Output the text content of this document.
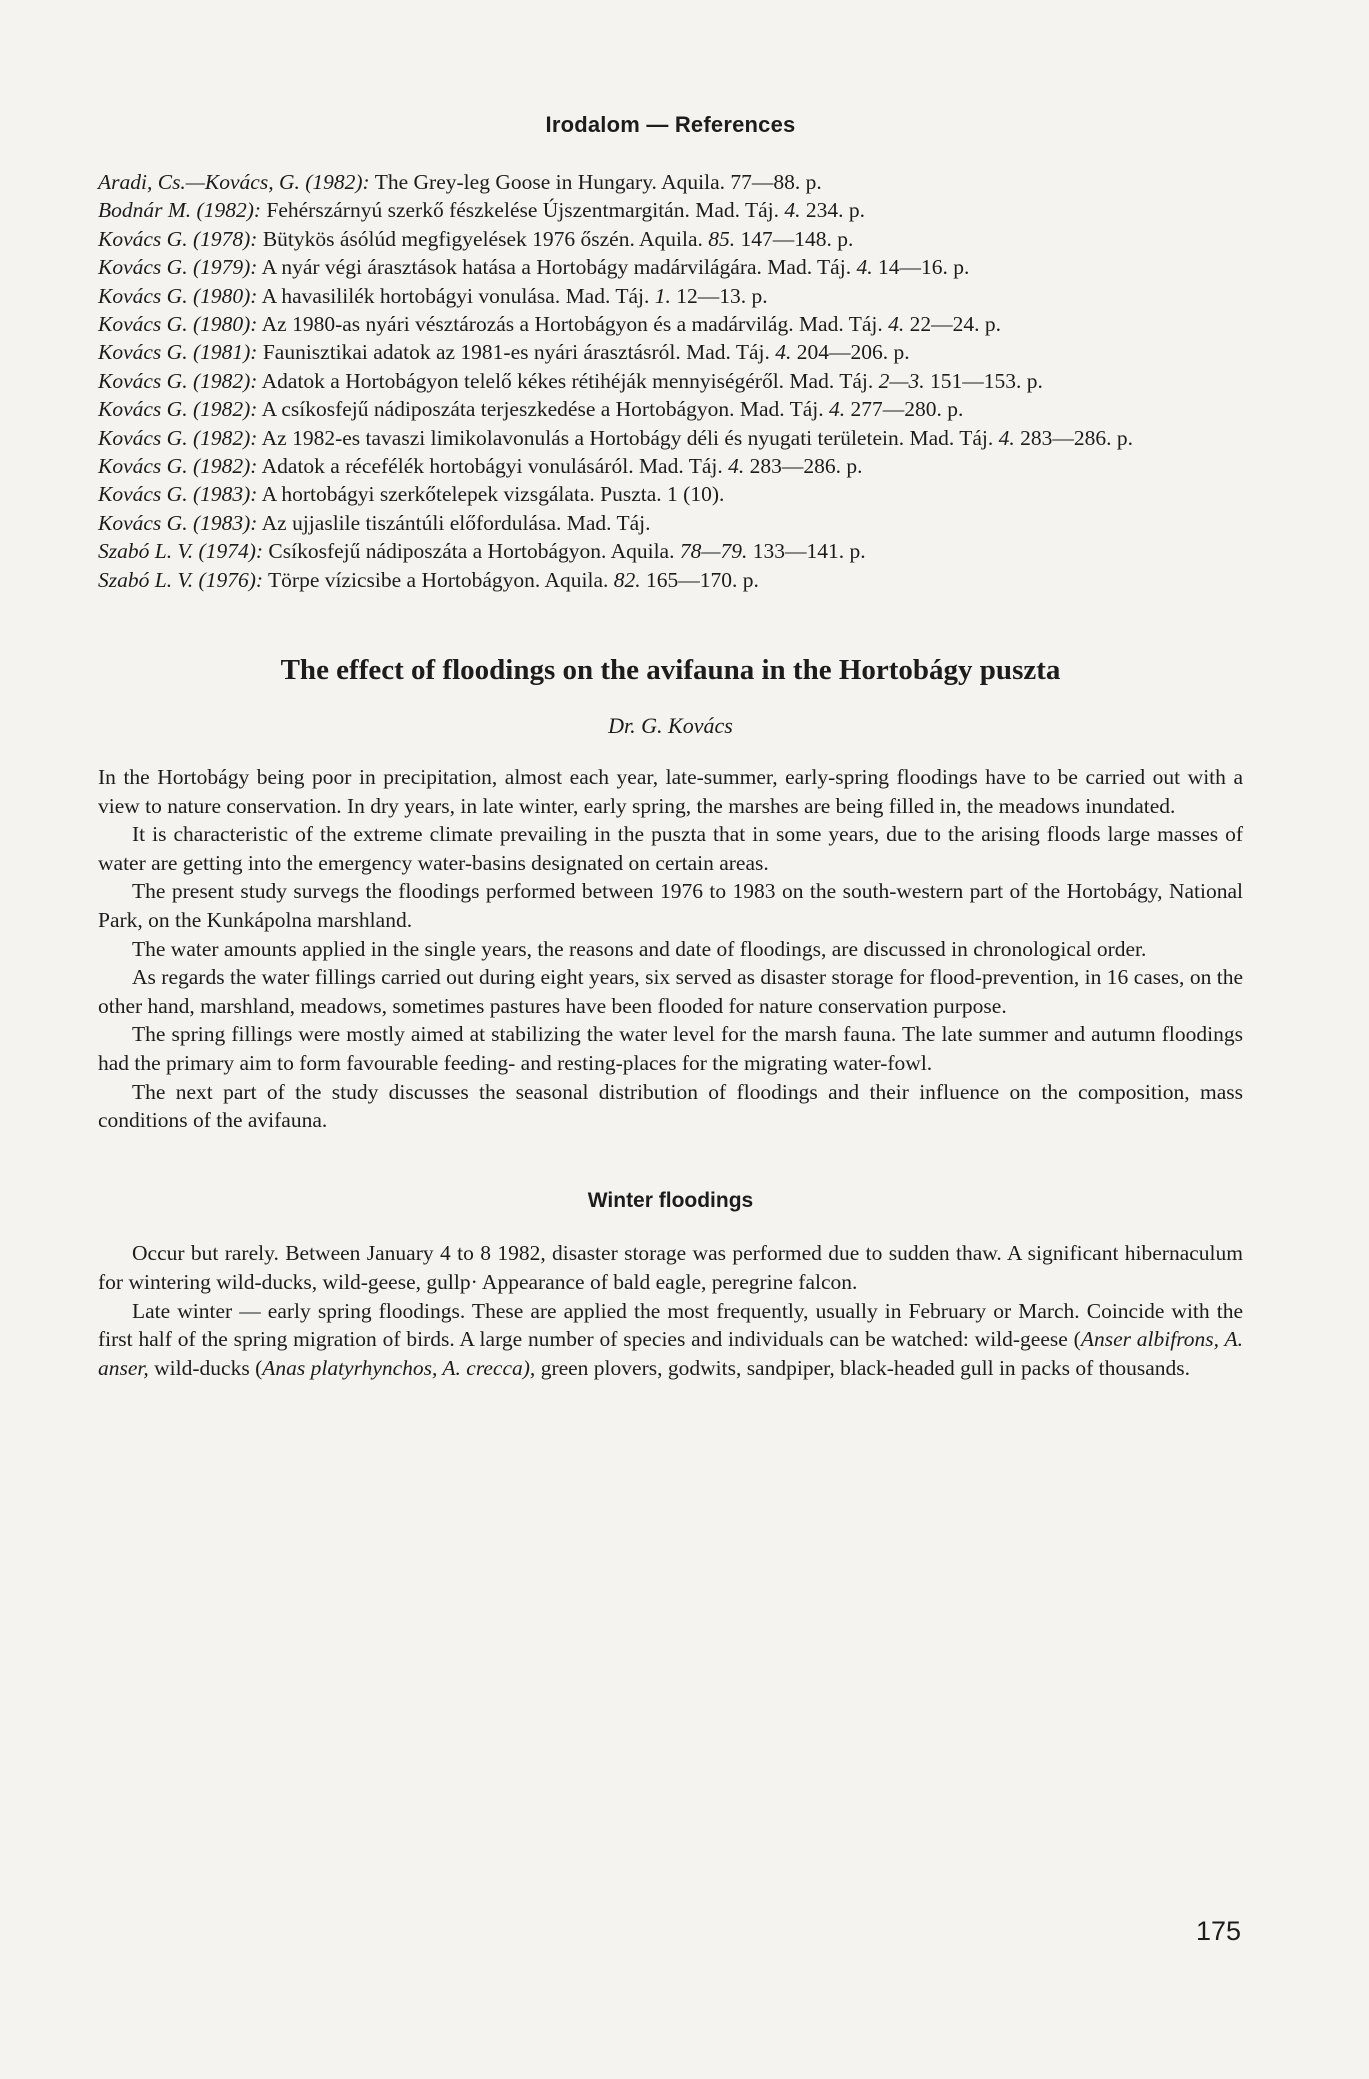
Irodalom — References

Aradi, Cs.—Kovács, G. (1982): The Grey-leg Goose in Hungary. Aquila. 77—88. p.

Bodnár M. (1982): Fehérszárnyú szerkő fészkelése Újszentmargitán. Mad. Táj. 4. 234. p.

Kovács G. (1978): Bütykös ásólúd megfigyelések 1976 őszén. Aquila. 85. 147—148. p.

Kovács G. (1979): A nyár végi árasztások hatása a Hortobágy madárvilágára. Mad. Táj. 4. 14—16. p.

Kovács G. (1980): A havasililék hortobágyi vonulása. Mad. Táj. 1. 12—13. p.

Kovács G. (1980): Az 1980-as nyári vésztározás a Hortobágyon és a madárvilág. Mad. Táj. 4. 22—24. p.

Kovács G. (1981): Faunisztikai adatok az 1981-es nyári árasztásról. Mad. Táj. 4. 204—206. p.

Kovács G. (1982): Adatok a Hortobágyon telelő kékes rétihéják mennyiségéről. Mad. Táj. 2—3. 151—153. p.

Kovács G. (1982): A csíkosfejű nádiposzáta terjeszkedése a Hortobágyon. Mad. Táj. 4. 277—280. p.

Kovács G. (1982): Az 1982-es tavaszi limikolavonulás a Hortobágy déli és nyugati területein. Mad. Táj. 4. 283—286. p.

Kovács G. (1982): Adatok a récefélék hortobágyi vonulásáról. Mad. Táj. 4. 283—286. p.

Kovács G. (1983): A hortobágyi szerkőtelepek vizsgálata. Puszta. 1 (10).

Kovács G. (1983): Az ujjaslile tiszántúli előfordulása. Mad. Táj.

Szabó L. V. (1974): Csíkosfejű nádiposzáta a Hortobágyon. Aquila. 78—79. 133—141. p.

Szabó L. V. (1976): Törpe vízicsibe a Hortobágyon. Aquila. 82. 165—170. p.

The effect of floodings on the avifauna in the Hortobágy puszta
Dr. G. Kovács

In the Hortobágy being poor in precipitation, almost each year, late-summer, early-spring floodings have to be carried out with a view to nature conservation. In dry years, in late winter, early spring, the marshes are being filled in, the meadows inundated.

It is characteristic of the extreme climate prevailing in the puszta that in some years, due to the arising floods large masses of water are getting into the emergency water-basins designated on certain areas.

The present study survegs the floodings performed between 1976 to 1983 on the south-western part of the Hortobágy, National Park, on the Kunkápolna marshland.

The water amounts applied in the single years, the reasons and date of floodings, are discussed in chronological order.

As regards the water fillings carried out during eight years, six served as disaster storage for flood-prevention, in 16 cases, on the other hand, marshland, meadows, sometimes pastures have been flooded for nature conservation purpose.

The spring fillings were mostly aimed at stabilizing the water level for the marsh fauna. The late summer and autumn floodings had the primary aim to form favourable feeding- and resting-places for the migrating water-fowl.

The next part of the study discusses the seasonal distribution of floodings and their influence on the composition, mass conditions of the avifauna.

Winter floodings

Occur but rarely. Between January 4 to 8 1982, disaster storage was performed due to sudden thaw. A significant hibernaculum for wintering wild-ducks, wild-geese, gullp· Appearance of bald eagle, peregrine falcon.

Late winter — early spring floodings. These are applied the most frequently, usually in February or March. Coincide with the first half of the spring migration of birds. A large number of species and individuals can be watched: wild-geese (Anser albifrons, A. anser, wild-ducks (Anas platyrhynchos, A. crecca), green plovers, godwits, sandpiper, black-headed gull in packs of thousands.

175
